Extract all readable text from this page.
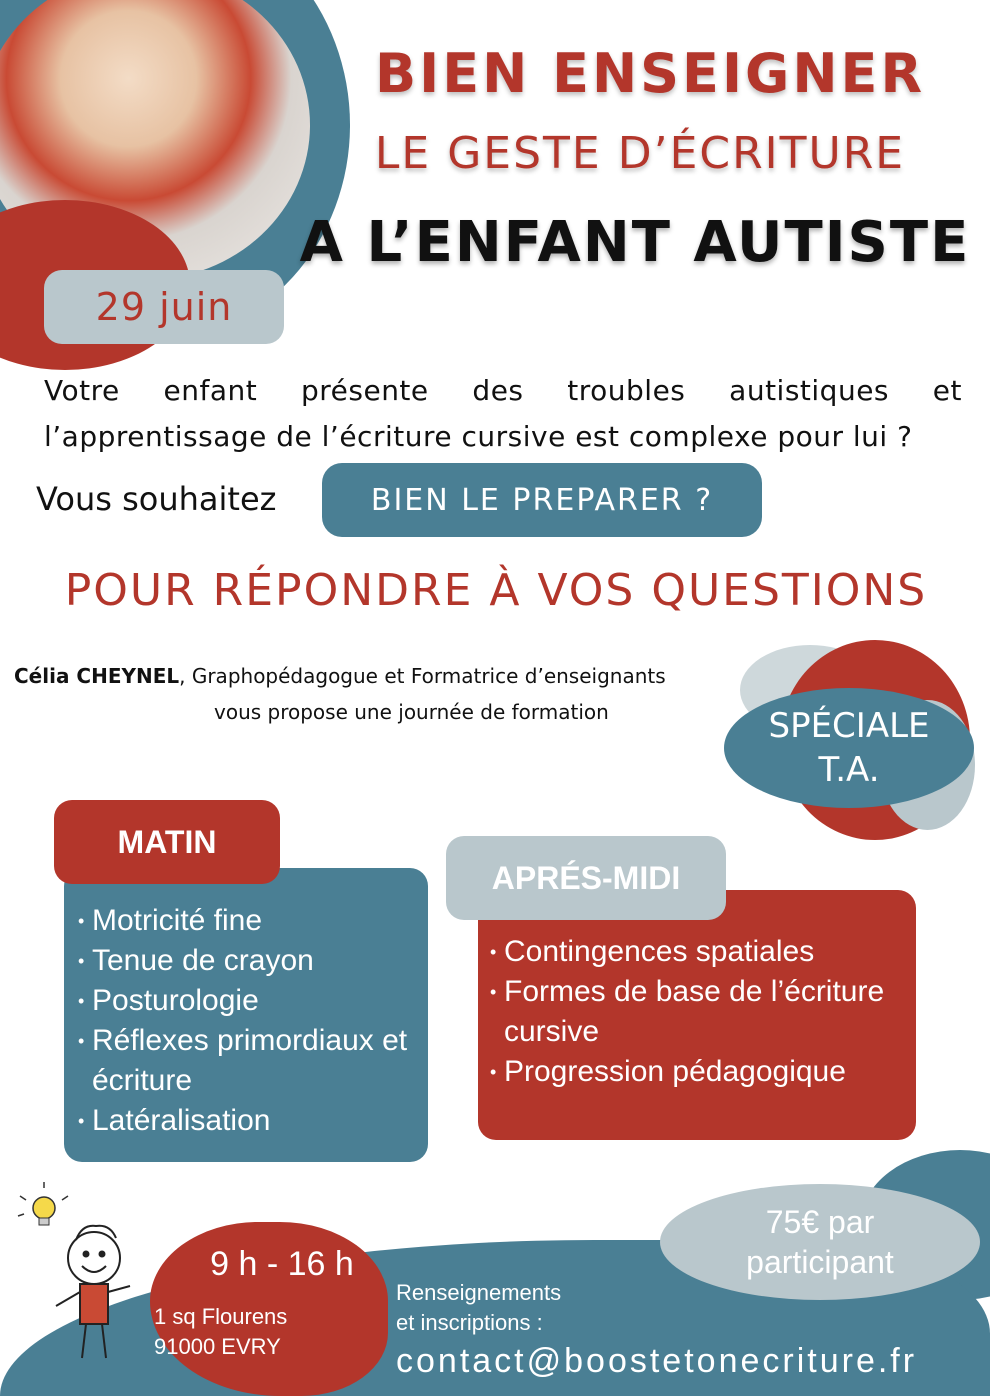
29 juin
BIEN ENSEIGNER
LE GESTE D’ÉCRITURE
A L’ENFANT AUTISTE
Votre enfant présente des troubles autistiques et l’apprentissage de l’écriture cursive est complexe pour lui ?
Vous souhaitez	BIEN LE PREPARER ?
POUR RÉPONDRE À VOS QUESTIONS
Célia CHEYNEL, Graphopédagogue et Formatrice d’enseignants
vous propose une journée de formation	SPÉCIALE
T.A.
MATIN
• Motricité fine
• Tenue de crayon
• Posturologie
• Réflexes primordiaux et écriture
• Latéralisation
APRÉS-MIDI
• Contingences spatiales
• Formes de base de l’écriture cursive
• Progression pédagogique
75€ par
participant
9 h - 16 h
1 sq Flourens
91000 EVRY
Renseignements
et inscriptions :
contact@boostetonecriture.fr
